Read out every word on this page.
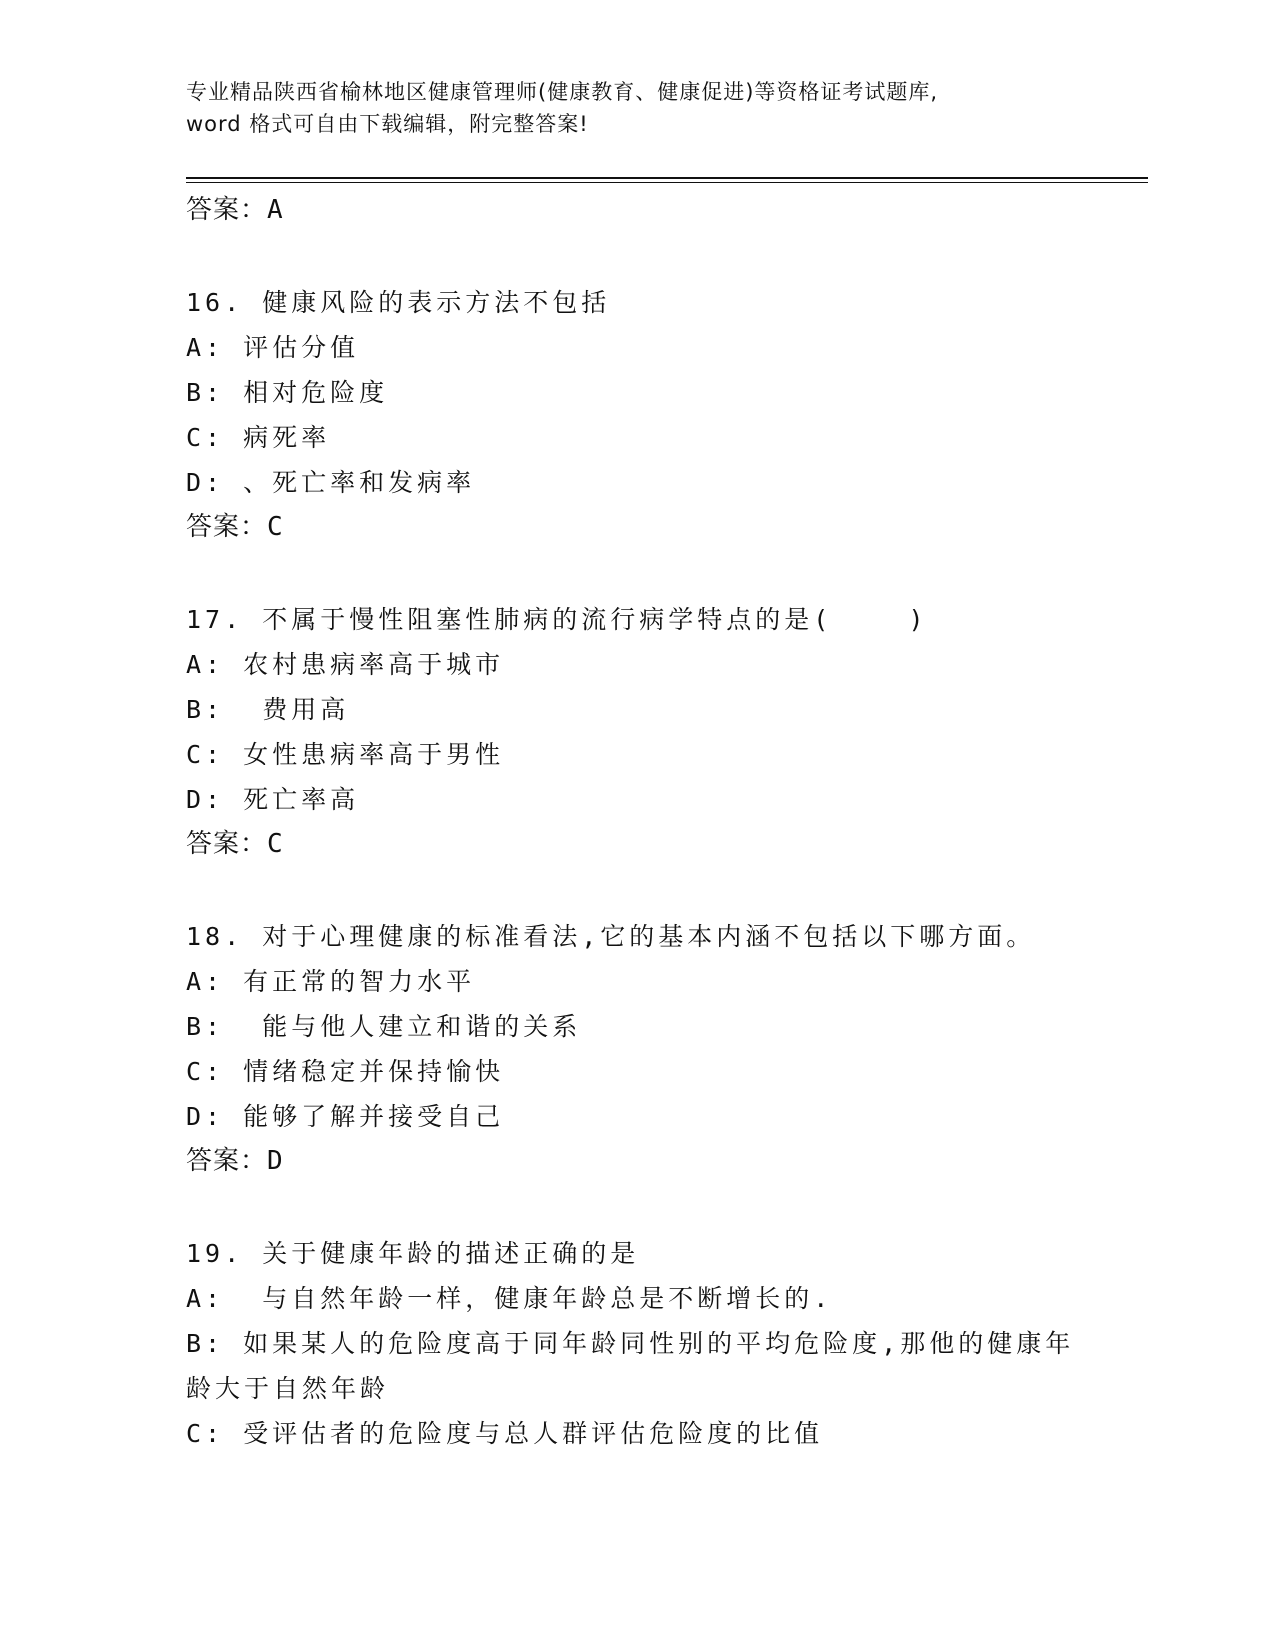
专业精品陕西省榆林地区健康管理师(健康教育、健康促进)等资格证考试题库,
word 格式可自由下载编辑，附完整答案!

答案：A

16. 健康风险的表示方法不包括

A: 评估分值

B: 相对危险度

C: 病死率

D: 、死亡率和发病率

答案：C

17. 不属于慢性阻塞性肺病的流行病学特点的是(    )

A: 农村患病率高于城市

B:  费用高

C: 女性患病率高于男性

D: 死亡率高

答案：C

18. 对于心理健康的标准看法,它的基本内涵不包括以下哪方面。

A: 有正常的智力水平

B:  能与他人建立和谐的关系

C: 情绪稳定并保持愉快

D: 能够了解并接受自己

答案：D

19. 关于健康年龄的描述正确的是

A:  与自然年龄一样，健康年龄总是不断增长的.

B: 如果某人的危险度高于同年龄同性别的平均危险度,那他的健康年龄大于自然年龄

C: 受评估者的危险度与总人群评估危险度的比值
